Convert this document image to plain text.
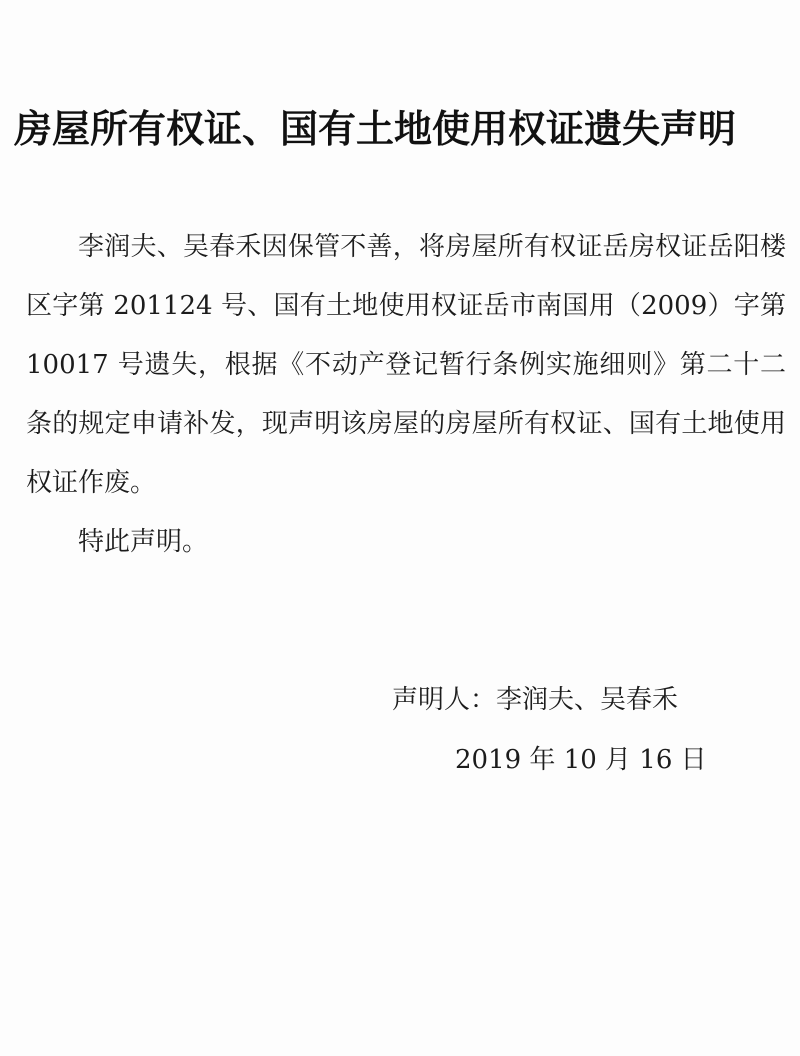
房屋所有权证、国有土地使用权证遗失声明

李润夫、吴春禾因保管不善，将房屋所有权证岳房权证岳阳楼区字第 201124 号、国有土地使用权证岳市南国用（2009）字第 10017 号遗失，根据《不动产登记暂行条例实施细则》第二十二条的规定申请补发，现声明该房屋的房屋所有权证、国有土地使用权证作废。

特此声明。

声明人：李润夫、吴春禾
2019 年 10 月 16 日
